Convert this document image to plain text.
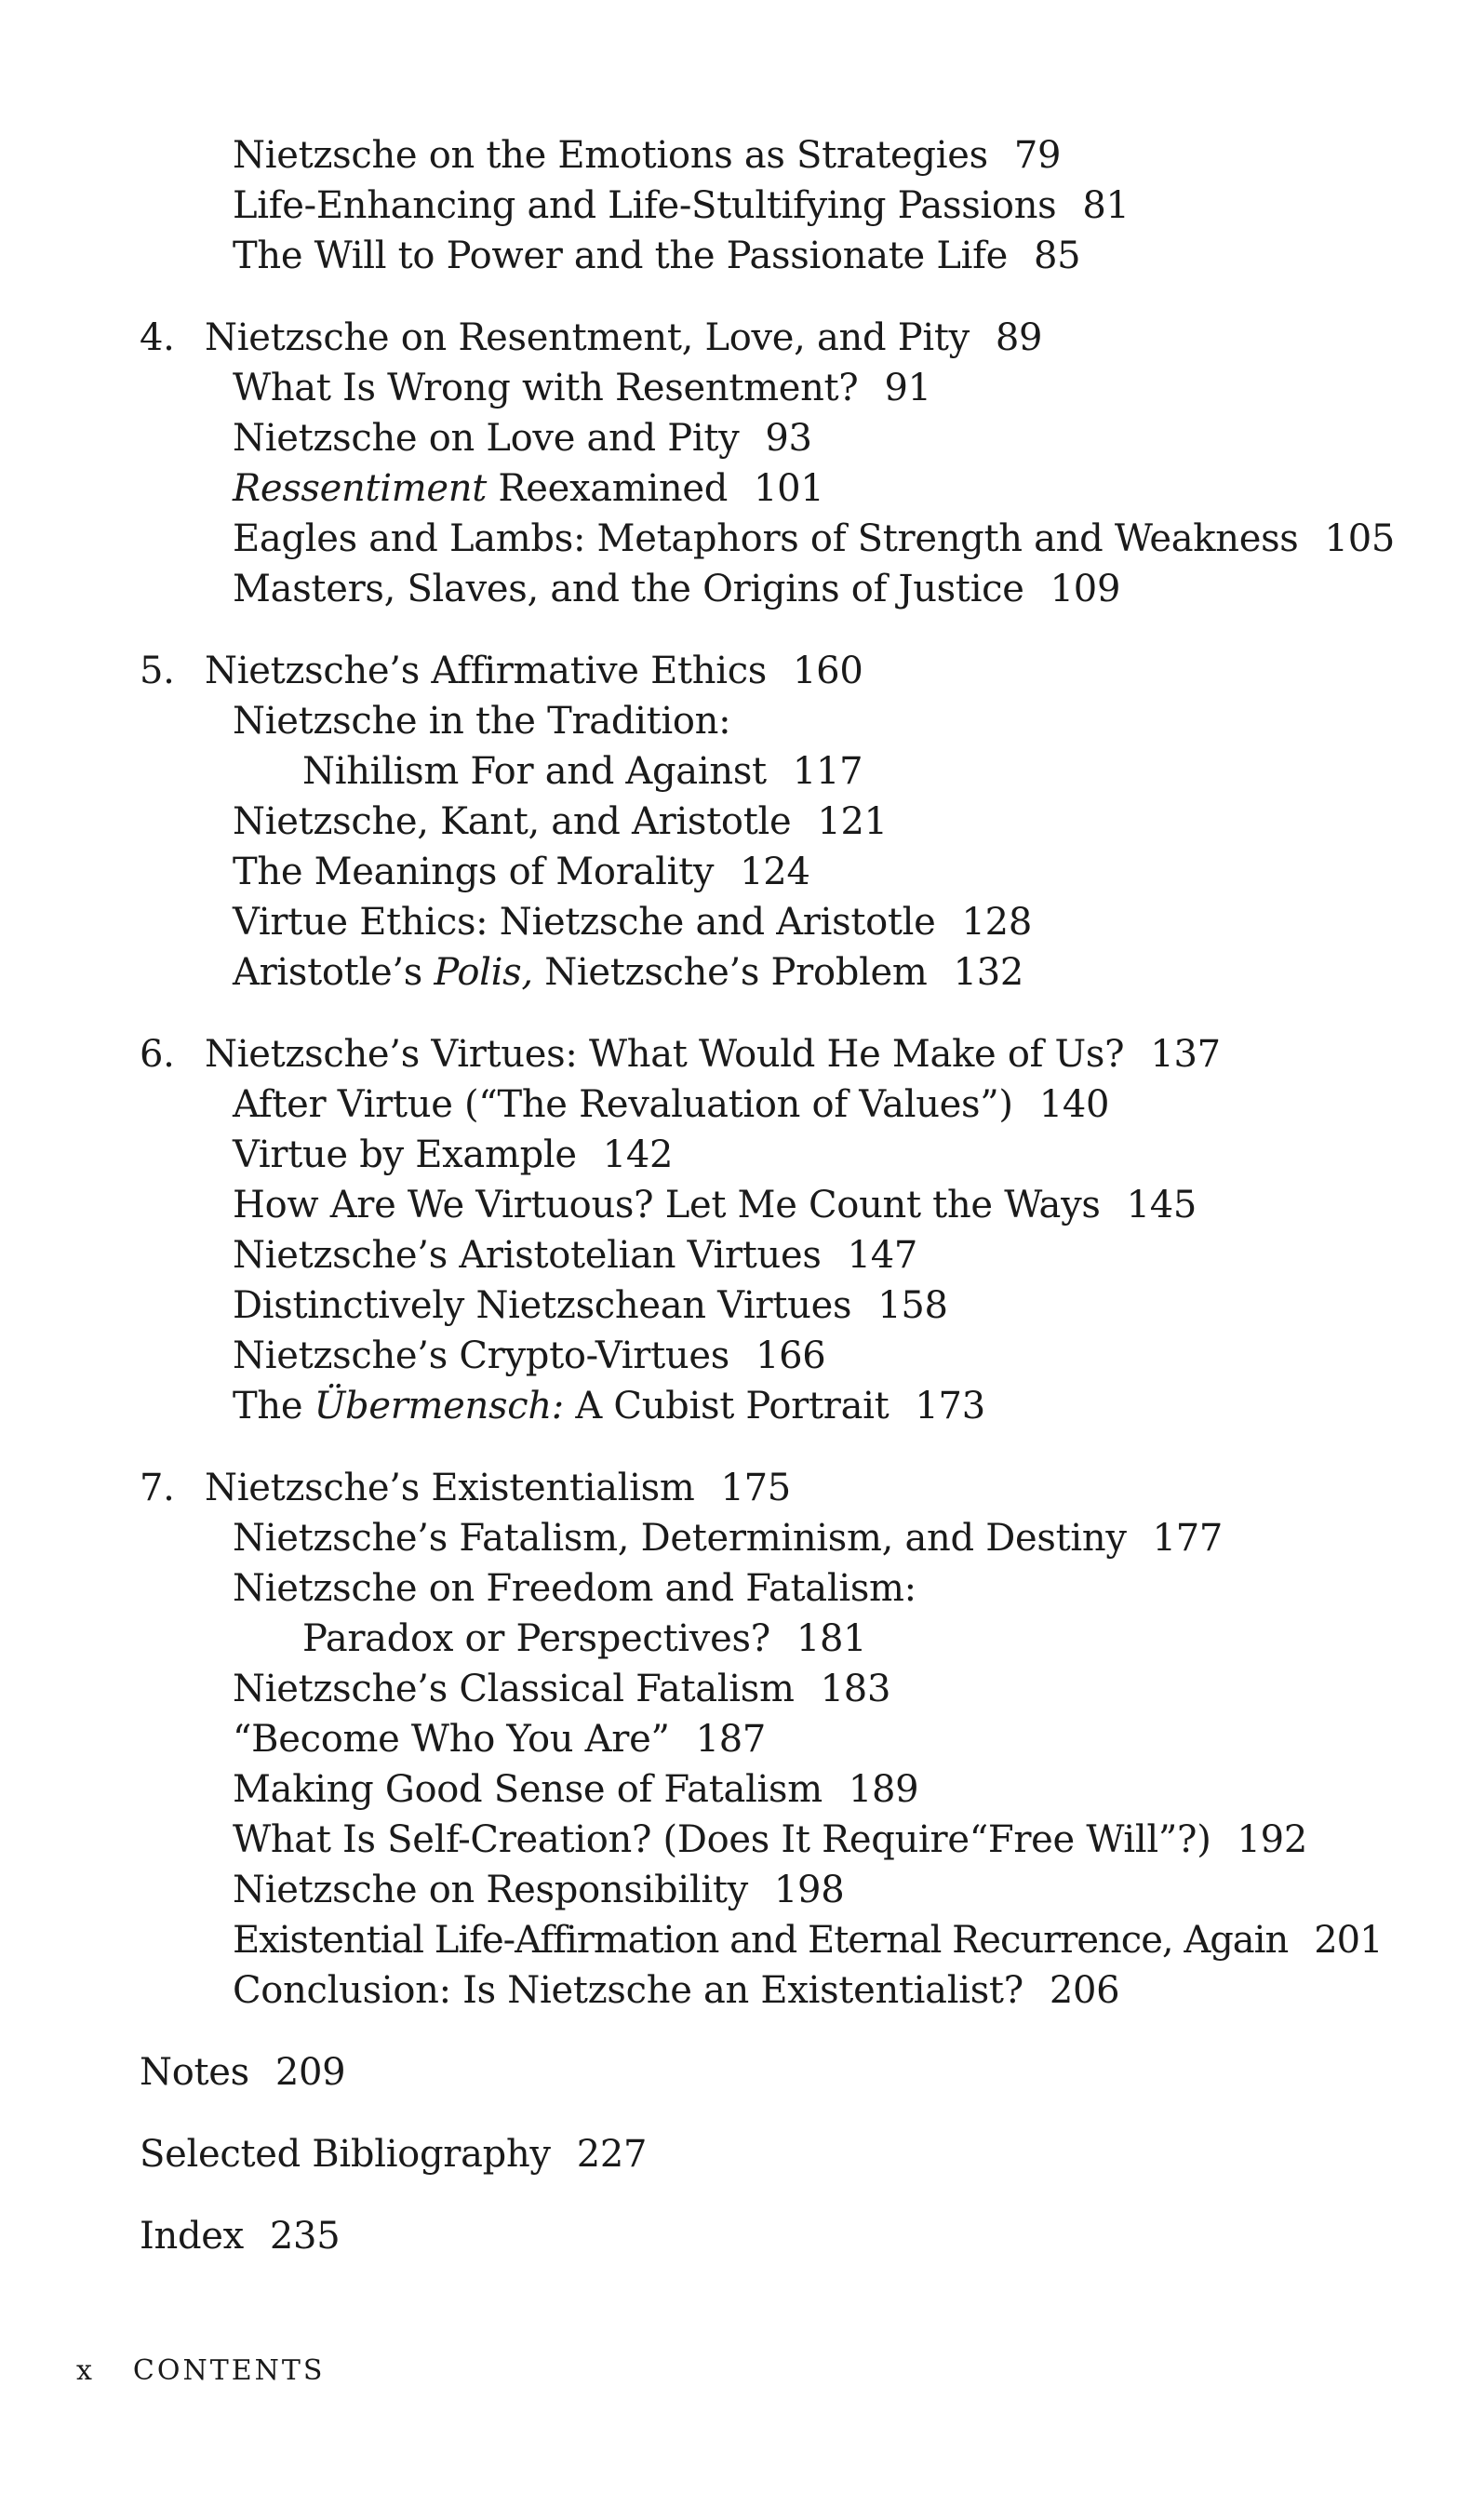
Nietzsche on the Emotions as Strategies 79
Life-Enhancing and Life-Stultifying Passions 81
The Will to Power and the Passionate Life 85
4. Nietzsche on Resentment, Love, and Pity 89
What Is Wrong with Resentment? 91
Nietzsche on Love and Pity 93
Ressentiment Reexamined 101
Eagles and Lambs: Metaphors of Strength and Weakness 105
Masters, Slaves, and the Origins of Justice 109
5. Nietzsche’s Affirmative Ethics 160
Nietzsche in the Tradition:
Nihilism For and Against 117
Nietzsche, Kant, and Aristotle 121
The Meanings of Morality 124
Virtue Ethics: Nietzsche and Aristotle 128
Aristotle’s Polis, Nietzsche’s Problem 132
6. Nietzsche’s Virtues: What Would He Make of Us? 137
After Virtue (“The Revaluation of Values”) 140
Virtue by Example 142
How Are We Virtuous? Let Me Count the Ways 145
Nietzsche’s Aristotelian Virtues 147
Distinctively Nietzschean Virtues 158
Nietzsche’s Crypto-Virtues 166
The Übermensch: A Cubist Portrait 173
7. Nietzsche’s Existentialism 175
Nietzsche’s Fatalism, Determinism, and Destiny 177
Nietzsche on Freedom and Fatalism:
Paradox or Perspectives? 181
Nietzsche’s Classical Fatalism 183
“Become Who You Are” 187
Making Good Sense of Fatalism 189
What Is Self-Creation? (Does It Require“Free Will”?) 192
Nietzsche on Responsibility 198
Existential Life-Affirmation and Eternal Recurrence, Again 201
Conclusion: Is Nietzsche an Existentialist? 206
Notes 209
Selected Bibliography 227
Index 235
x CONTENTS
